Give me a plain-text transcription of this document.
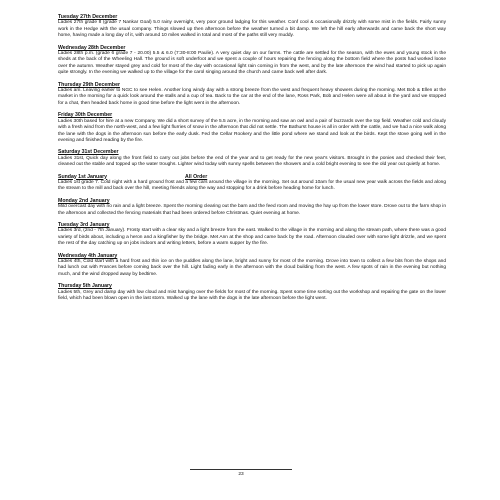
Tuesday 27th December
Ladies 27th grade 8 (grade 7 Nankar Goal) 5.0 rainy overnight, very poor ground ladging for this weather. Conf cool & occasionally drizzly with some mist in the fields. Fairly sunny work in the Hedge with the usual company. Things slowed up then afternoon before the weather turned a bit damp. We left the hill early afterwards and came back the short way home, having made a long day of it, with around 10 miles walked in total and most of the paths still very muddy.
Wednesday 28th December
Ladies 28th p.m. (grade 6 grade 7 - 20.00) 5.5 & 6.0 (7:30-8:00 Paulie). A very quiet day on our farms. The cattle are settled for the season, with the ewes and young stock in the sheds at the back of the Wheeling Hall. The ground is soft underfoot and we spent a couple of hours repairing the fencing along the bottom field where the posts had worked loose over the autumn. Weather stayed grey and cold for most of the day with occasional light rain coming in from the west, and by the late afternoon the wind had started to pick up again quite strongly. In the evening we walked up to the village for the carol singing around the church and came back well after dark.
Thursday 29th December
Ladies am. Leaving earlier to NGC to see Helen. Another long windy day with a strong breeze from the west and frequent heavy showers during the morning. Met Bob & Ellen at the market in the morning for a quick look around the stalls and a cup of tea. Back to the car at the end of the lane, Ross Park, Bob and Helen were all about in the yard and we stopped for a chat, then headed back home in good time before the light went in the afternoon.
Friday 30th December
Ladies 30th based for hire at a new Company. We did a short survey of the 5.5 acre, in the morning and saw an owl and a pair of buzzards over the top field. Weather cold and cloudy with a fresh wind from the north-west, and a few light flurries of snow in the afternoon that did not settle. The Bathurst house is all in order with the cattle, and we had a nice walk along the lane with the dogs in the afternoon sun before the early dusk. Fed the Cellar Rookery and the little pond where we stand and look at the birds. Kept the stove going well in the evening and finished reading by the fire.
Saturday 31st December
Ladies 31st, Quick day along the front field to carry out jobs before the end of the year and to get ready for the new year's visitors. Brought in the ponies and checked their feet, cleaned out the stable and topped up the water troughs. Lighter wind today with sunny spells between the showers and a cold bright evening to see the old year out quietly at home.
Sunday 1st January	All Order
Ladies 1st grade 7. Cold night with a hard ground frost and a few cars around the village in the morning. Set out around 10am for the usual new year walk across the fields and along the stream to the mill and back over the hill, meeting friends along the way and stopping for a drink before heading home for lunch.
Monday 2nd January
Mild overcast day with no rain and a light breeze. Spent the morning clearing out the barn and the feed room and moving the hay up from the lower store. Drove out to the farm shop in the afternoon and collected the fencing materials that had been ordered before Christmas. Quiet evening at home.
Tuesday 3rd January
Ladies 3rd, (2nd - 7th January). Frosty start with a clear sky and a light breeze from the east. Walked to the village in the morning and along the stream path, where there was a good variety of birds about, including a heron and a kingfisher by the bridge. Met Ann at the shop and came back by the road. Afternoon clouded over with some light drizzle, and we spent the rest of the day catching up on jobs indoors and writing letters, before a warm supper by the fire.
Wednesday 4th January
Ladies 4th, Cold start with a hard frost and thin ice on the puddles along the lane, bright and sunny for most of the morning. Drove into town to collect a few bits from the shops and had lunch out with Frances before coming back over the hill. Light fading early in the afternoon with the cloud building from the west. A few spots of rain in the evening but nothing much, and the wind dropped away by bedtime.
Thursday 5th January
Ladies 5th, Grey and damp day with low cloud and mist hanging over the fields for most of the morning. Spent some time sorting out the workshop and repairing the gate on the lower field, which had been blown open in the last storm. Walked up the lane with the dogs in the late afternoon before the light went.
23
